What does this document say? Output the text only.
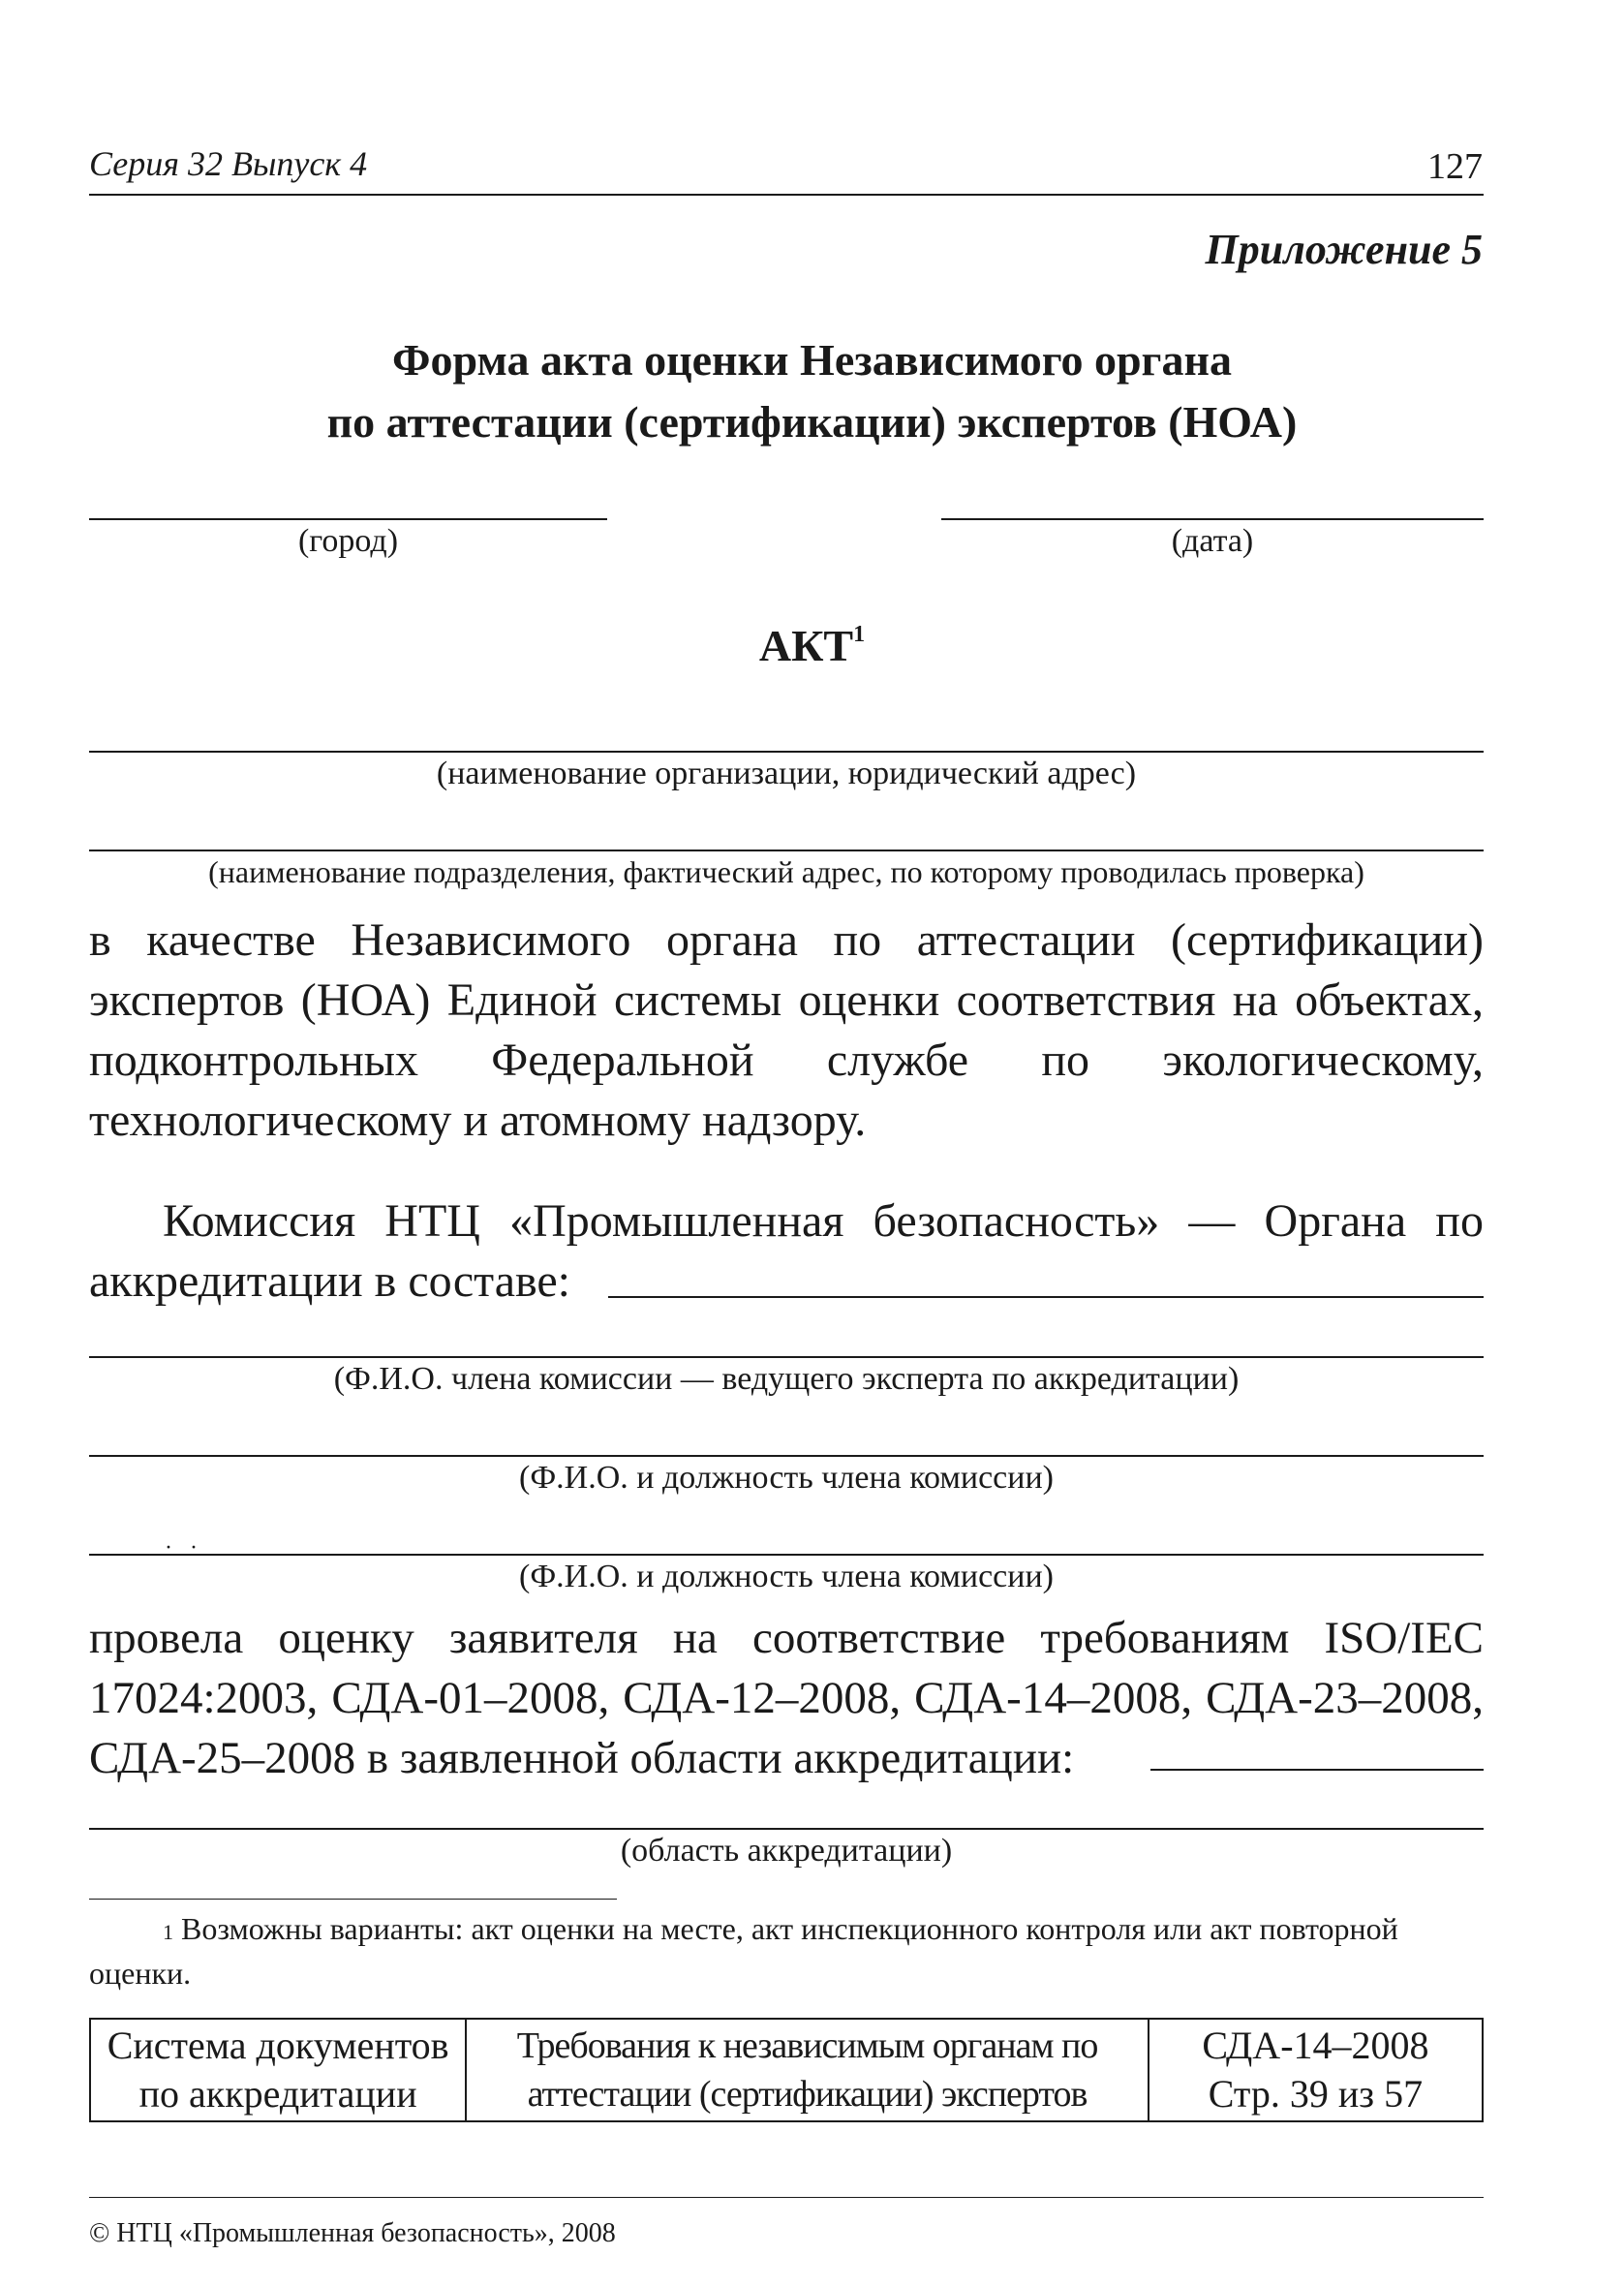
Серия 32 Выпуск 4	127
Приложение 5
Форма акта оценки Независимого органа
по аттестации (сертификации) экспертов (НОА)
(город)	(дата)
АКТ$^1$
(наименование организации, юридический адрес)
(наименование подразделения, фактический адрес, по которому проводилась проверка)
в качестве Независимого органа по аттестации (сертификации) экспертов (НОА) Единой системы оценки соответствия на объектах, подконтрольных Федеральной службе по экологическому, технологическому и атомному надзору.
Комиссия НТЦ «Промышленная безопасность» — Органа по аккредитации в составе:
(Ф.И.О. члена комиссии — ведущего эксперта по аккредитации)
(Ф.И.О. и должность члена комиссии)
··
(Ф.И.О. и должность члена комиссии)
провела оценку заявителя на соответствие требованиям ISO/IEC 17024:2003, СДА-01–2008, СДА-12–2008, СДА-14–2008, СДА-23–2008, СДА-25–2008 в заявленной области аккредитации:
(область аккредитации)
$^1$ Возможны варианты: акт оценки на месте, акт инспекционного контроля или акт повторной оценки.
Система документов
по аккредитации

Требования к независимым органам по
аттестации (сертификации) экспертов

СДА-14–2008
Стр. 39 из 57
© НТЦ «Промышленная безопасность», 2008
